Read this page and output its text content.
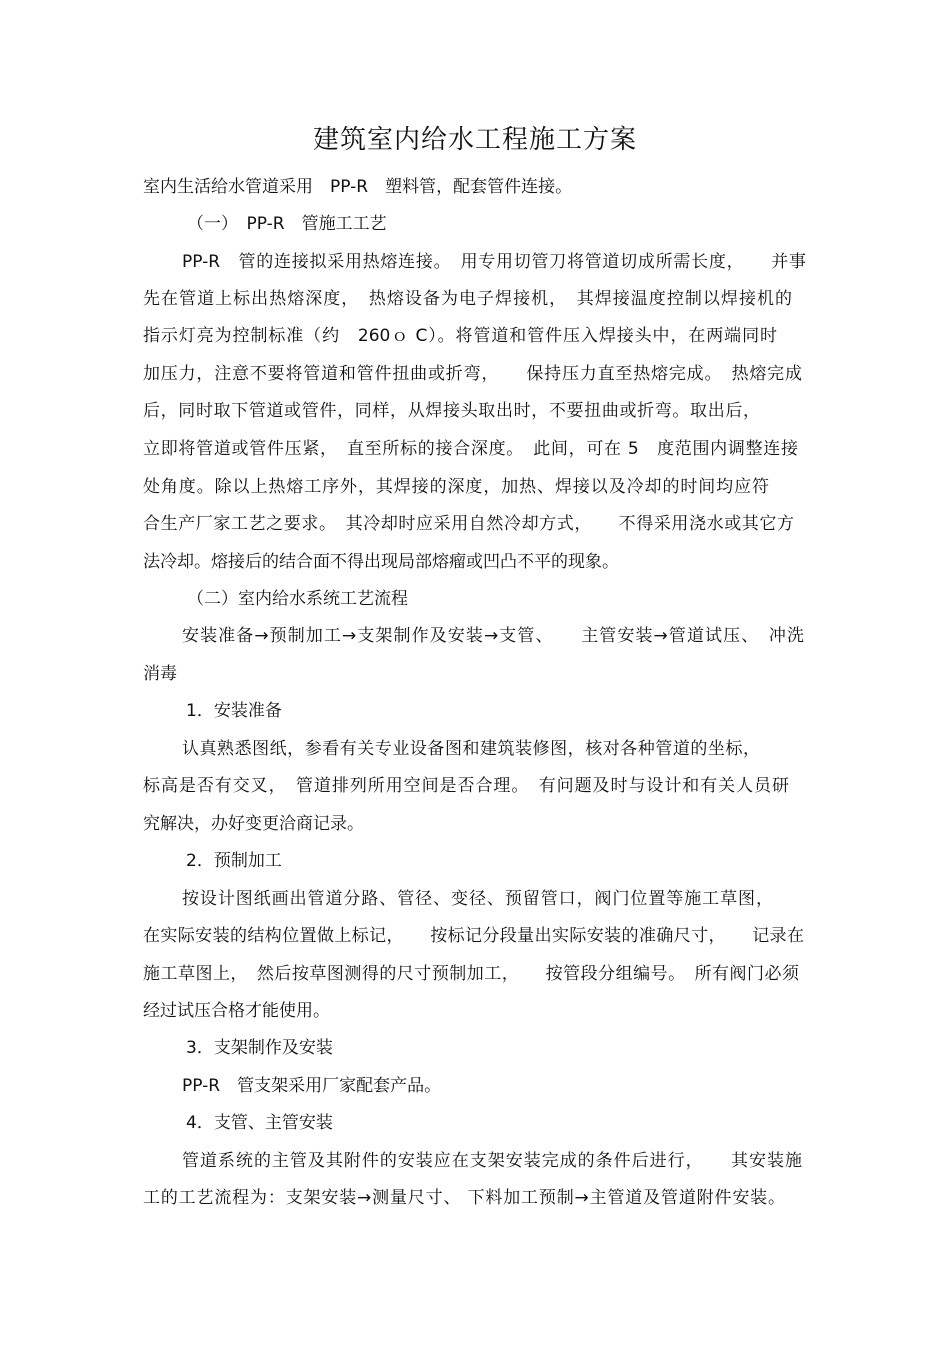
建筑室内给水工程施工方案
室内生活给水管道采用　PP-R　塑料管，配套管件连接。
（一）　PP-R　管施工工艺
PP-R　管的连接拟采用热熔连接。　用专用切管刀将管道切成所需长度，　　并事
先在管道上标出热熔深度，　热熔设备为电子焊接机，　其焊接温度控制以焊接机的
指示灯亮为控制标准（约　260ｏ C）。将管道和管件压入焊接头中，在两端同时
加压力，注意不要将管道和管件扭曲或折弯，　　保持压力直至热熔完成。　热熔完成
后，同时取下管道或管件，同样，从焊接头取出时，不要扭曲或折弯。取出后，
立即将管道或管件压紧，　直至所标的接合深度。　此间，可在 5　度范围内调整连接
处角度。除以上热熔工序外，其焊接的深度，加热、焊接以及冷却的时间均应符
合生产厂家工艺之要求。　其冷却时应采用自然冷却方式，　　不得采用浇水或其它方
法冷却。熔接后的结合面不得出现局部熔瘤或凹凸不平的现象。
（二）室内给水系统工艺流程
安装准备→预制加工→支架制作及安装→支管、　　主管安装→管道试压、　冲洗
消毒
1．安装准备
认真熟悉图纸，参看有关专业设备图和建筑装修图，核对各种管道的坐标，
标高是否有交叉，　管道排列所用空间是否合理。　有问题及时与设计和有关人员研
究解决，办好变更洽商记录。
2．预制加工
按设计图纸画出管道分路、管径、变径、预留管口，阀门位置等施工草图，
在实际安装的结构位置做上标记，　　按标记分段量出实际安装的准确尺寸，　　记录在
施工草图上，　然后按草图测得的尺寸预制加工，　　按管段分组编号。　所有阀门必须
经过试压合格才能使用。
3．支架制作及安装
PP-R　管支架采用厂家配套产品。
4．支管、主管安装
管道系统的主管及其附件的安装应在支架安装完成的条件后进行，　　其安装施
工的工艺流程为：支架安装→测量尺寸、 下料加工预制→主管道及管道附件安装。
